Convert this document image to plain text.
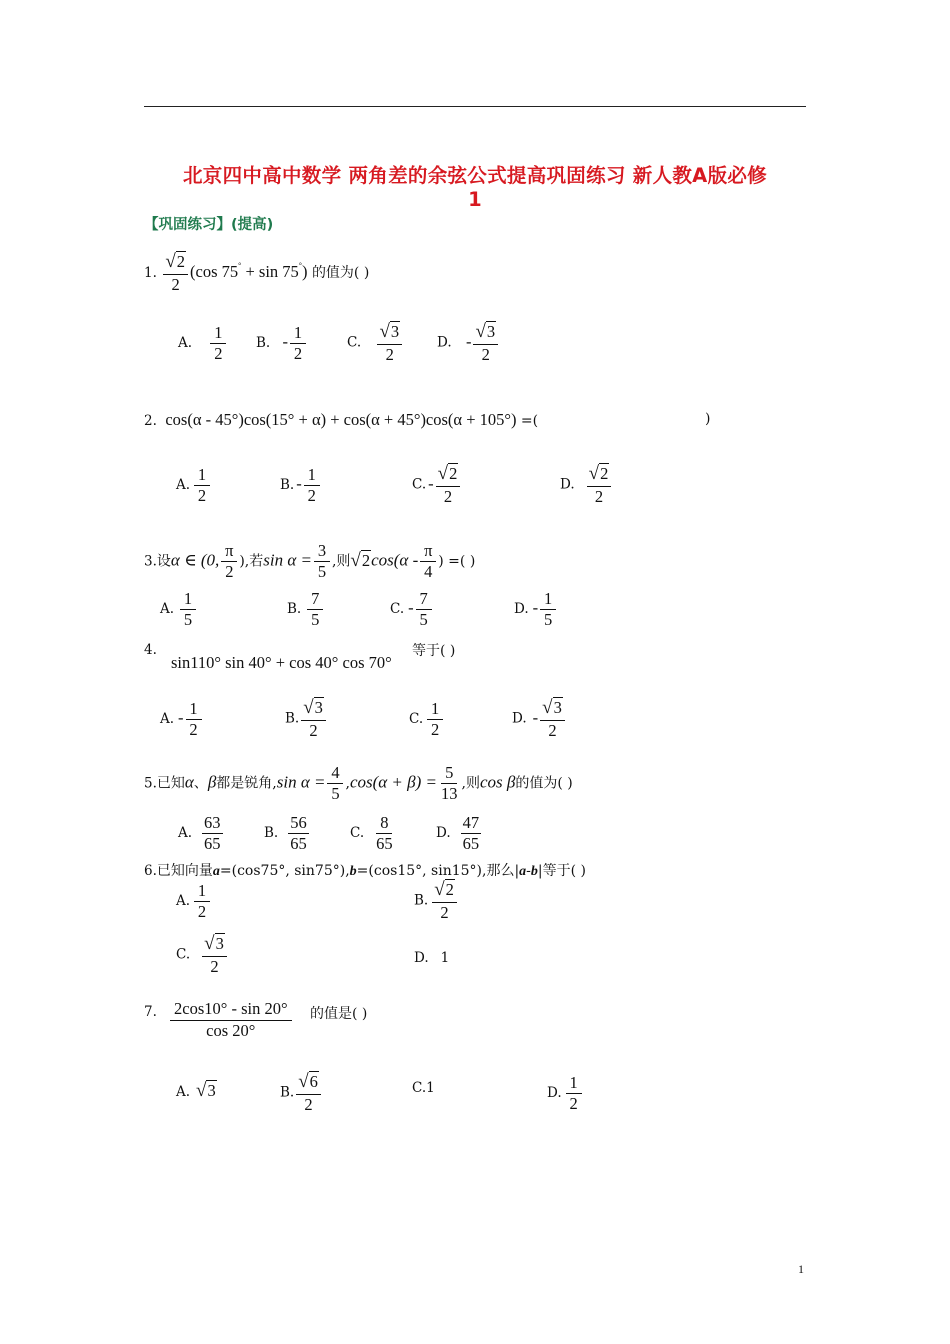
北京四中高中数学 两角差的余弦公式提高巩固练习 新人教A版必修
1
【巩固练习】(提高)
1. $\frac{√2}{2} (\cos$ 75° + sin 75°) 的值为( )
A. $\frac{1}{2} B$. - $\frac{1}{2}$	C. $\frac{√3}{2}$	D. - $\frac{√3}{2}$
2. cos(α - 45°)cos(15° + α) + cos(α + 45°)cos(α + 105°) =(	)
A. $\frac{1}{2}$	B. - $\frac{1}{2}$	C. - $\frac{√2}{2}$	D. $\frac{√2}{2}$
3.设α ∈ (0, $\frac{\pi}{2}$ ),若$\sin \alpha = \frac{3}{5}$ ,则$√2\cos(\alpha - \frac{\pi}{4}$ ) =( )
A. $\frac{1}{5}$	B. $\frac{7}{5}$	C. - $\frac{7}{5}$	D. - $\frac{1}{5}$
4.
sin110° sin 40° + cos 40° cos 70°
等于( )
A. - $\frac{1}{2}$	B. $\frac{√3}{2}$	C. $\frac{1}{2}$	D. - $\frac{√3}{2}$
5.已知α、β都是锐角,sin $\alpha = \frac{4}{5} ,\cos(\alpha + \beta) = \frac{5}{13}$ ,则cos β的值为( )
A. $\frac{63}{65}$	B. $\frac{56}{65}$	C. $\frac{8}{65}$	D. $\frac{47}{65}$
6.已知向量a=(cos75°, sin75°),b=(cos15°, sin15°),那么|a-b|等于( )
A. $\frac{1}{2}$	B. $\frac{√2}{2}$
C. $\frac{√3}{2}$	D. 1
7. $\frac{2\cos 10^\circ - \sin 20^\circ}{\cos 20^\circ}$ 的值是( )
A. √3	B. $\frac{√6}{2}$	C.1	D. $\frac{1}{2}$
1
